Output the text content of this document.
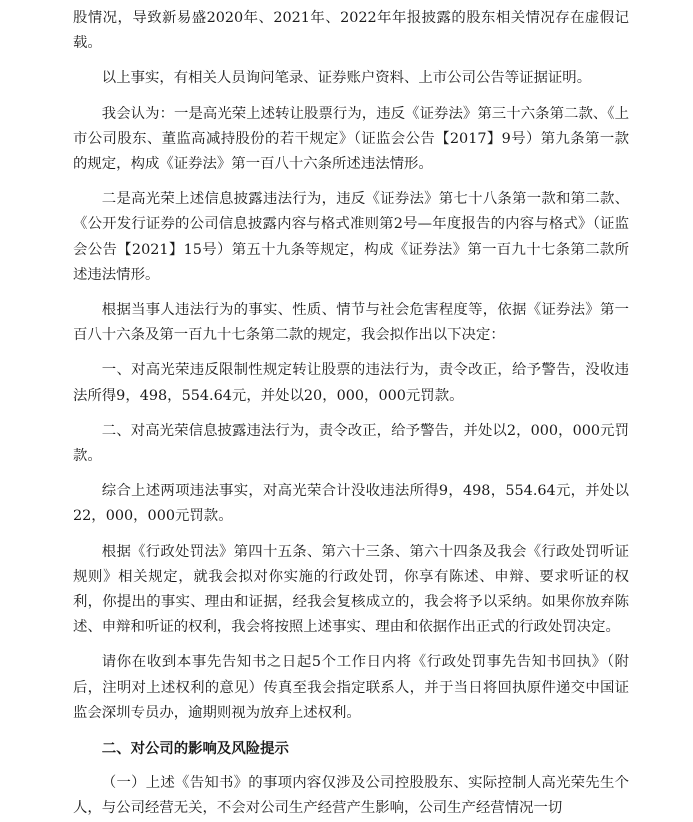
股情况，导致新易盛2020年、2021年、2022年年报披露的股东相关情况存在虚假记载。

以上事实，有相关人员询问笔录、证券账户资料、上市公司公告等证据证明。

我会认为：一是高光荣上述转让股票行为，违反《证券法》第三十六条第二款、《上市公司股东、董监高减持股份的若干规定》（证监会公告【2017】9号）第九条第一款的规定，构成《证券法》第一百八十六条所述违法情形。

二是高光荣上述信息披露违法行为，违反《证券法》第七十八条第一款和第二款、《公开发行证券的公司信息披露内容与格式准则第2号—年度报告的内容与格式》（证监会公告【2021】15号）第五十九条等规定，构成《证券法》第一百九十七条第二款所述违法情形。

根据当事人违法行为的事实、性质、情节与社会危害程度等，依据《证券法》第一百八十六条及第一百九十七条第二款的规定，我会拟作出以下决定：

一、对高光荣违反限制性规定转让股票的违法行为，责令改正，给予警告，没收违法所得9，498，554.64元，并处以20，000，000元罚款。

二、对高光荣信息披露违法行为，责令改正，给予警告，并处以2，000，000元罚款。

综合上述两项违法事实，对高光荣合计没收违法所得9，498，554.64元，并处以22，000，000元罚款。

根据《行政处罚法》第四十五条、第六十三条、第六十四条及我会《行政处罚听证规则》相关规定，就我会拟对你实施的行政处罚，你享有陈述、申辩、要求听证的权利，你提出的事实、理由和证据，经我会复核成立的，我会将予以采纳。如果你放弃陈述、申辩和听证的权利，我会将按照上述事实、理由和依据作出正式的行政处罚决定。

请你在收到本事先告知书之日起5个工作日内将《行政处罚事先告知书回执》（附后，注明对上述权利的意见）传真至我会指定联系人，并于当日将回执原件递交中国证监会深圳专员办，逾期则视为放弃上述权利。

二、对公司的影响及风险提示

（一）上述《告知书》的事项内容仅涉及公司控股股东、实际控制人高光荣先生个人，与公司经营无关，不会对公司生产经营产生影响，公司生产经营情况一切
